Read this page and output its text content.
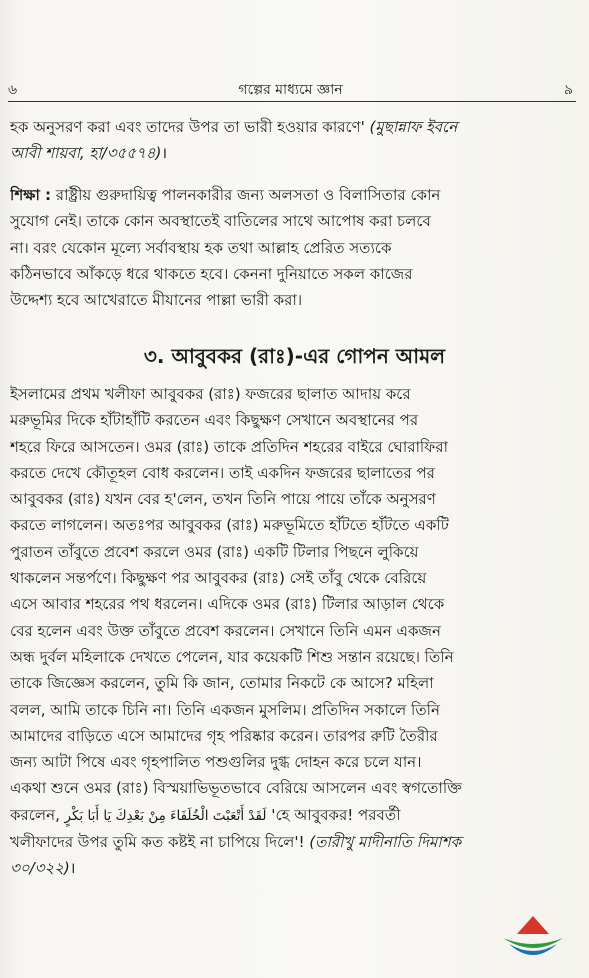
৬	গল্পের মাধ্যমে জ্ঞান	৯
হক অনুসরণ করা এবং তাদের উপর তা ভারী হওয়ার কারণে' (মুছান্নাফ ইবনে
আবী শায়বা, হা/৩৫৫৭৪)।
শিক্ষা : রাষ্ট্রীয় গুরুদায়িত্ব পালনকারীর জন্য অলসতা ও বিলাসিতার কোন
সুযোগ নেই। তাকে কোন অবস্থাতেই বাতিলের সাথে আপোষ করা চলবে
না। বরং যেকোন মূল্যে সর্বাবস্থায় হক তথা আল্লাহ প্রেরিত সত্যকে
কঠিনভাবে আঁকড়ে ধরে থাকতে হবে। কেননা দুনিয়াতে সকল কাজের
উদ্দেশ্য হবে আখেরাতে মীযানের পাল্লা ভারী করা।
৩. আবুবকর (রাঃ)-এর গোপন আমল
ইসলামের প্রথম খলীফা আবুবকর (রাঃ) ফজরের ছালাত আদায় করে
মরুভূমির দিকে হাঁটাহাঁটি করতেন এবং কিছুক্ষণ সেখানে অবস্থানের পর
শহরে ফিরে আসতেন। ওমর (রাঃ) তাকে প্রতিদিন শহরের বাইরে ঘোরাফিরা
করতে দেখে কৌতূহল বোধ করলেন। তাই একদিন ফজরের ছালাতের পর
আবুবকর (রাঃ) যখন বের হ'লেন, তখন তিনি পায়ে পায়ে তাঁকে অনুসরণ
করতে লাগলেন। অতঃপর আবুবকর (রাঃ) মরুভূমিতে হাঁটতে হাঁটতে একটি
পুরাতন তাঁবুতে প্রবেশ করলে ওমর (রাঃ) একটি টিলার পিছনে লুকিয়ে
থাকলেন সন্তর্পণে। কিছুক্ষণ পর আবুবকর (রাঃ) সেই তাঁবু থেকে বেরিয়ে
এসে আবার শহরের পথ ধরলেন। এদিকে ওমর (রাঃ) টিলার আড়াল থেকে
বের হলেন এবং উক্ত তাঁবুতে প্রবেশ করলেন। সেখানে তিনি এমন একজন
অন্ধ দুর্বল মহিলাকে দেখতে পেলেন, যার কয়েকটি শিশু সন্তান রয়েছে। তিনি
তাকে জিজ্ঞেস করলেন, তুমি কি জান, তোমার নিকটে কে আসে? মহিলা
বলল, আমি তাকে চিনি না। তিনি একজন মুসলিম। প্রতিদিন সকালে তিনি
আমাদের বাড়িতে এসে আমাদের গৃহ পরিষ্কার করেন। তারপর রুটি তৈরীর
জন্য আটা পিষে এবং গৃহপালিত পশুগুলির দুগ্ধ দোহন করে চলে যান।
একথা শুনে ওমর (রাঃ) বিস্ময়াভিভূতভাবে বেরিয়ে আসলেন এবং স্বগতোক্তি
করলেন, لَقَدْ أَتْعَبْتَ الْخُلَفَاءَ مِنْ بَعْدِكَ يَا أَبَا بَكْرٍ 'হে আবুবকর! পরবর্তী
খলীফাদের উপর তুমি কত কষ্টই না চাপিয়ে দিলে'! (তারীখু মাদীনাতি দিমাশক
৩০/৩২২)।
